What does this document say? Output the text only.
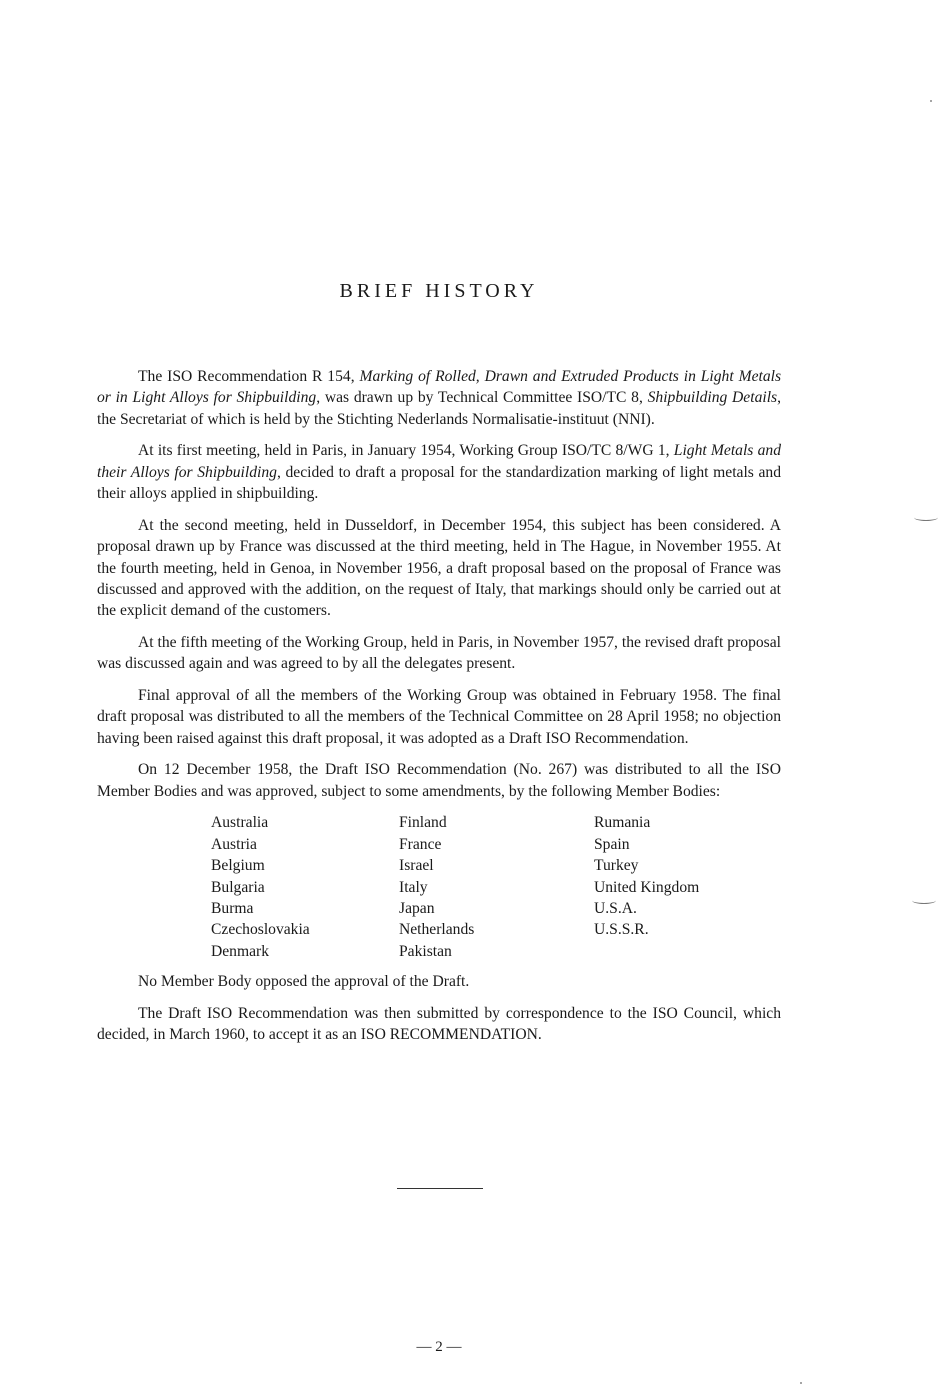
BRIEF HISTORY

The ISO Recommendation R 154, Marking of Rolled, Drawn and Extruded Products in Light Metals or in Light Alloys for Shipbuilding, was drawn up by Technical Committee ISO/TC 8, Shipbuilding Details, the Secretariat of which is held by the Stichting Nederlands Normalisatie-instituut (NNI).

At its first meeting, held in Paris, in January 1954, Working Group ISO/TC 8/WG 1, Light Metals and their Alloys for Shipbuilding, decided to draft a proposal for the standardization marking of light metals and their alloys applied in shipbuilding.

At the second meeting, held in Dusseldorf, in December 1954, this subject has been considered. A proposal drawn up by France was discussed at the third meeting, held in The Hague, in November 1955. At the fourth meeting, held in Genoa, in November 1956, a draft proposal based on the proposal of France was discussed and approved with the addition, on the request of Italy, that markings should only be carried out at the explicit demand of the customers.

At the fifth meeting of the Working Group, held in Paris, in November 1957, the revised draft proposal was discussed again and was agreed to by all the delegates present.

Final approval of all the members of the Working Group was obtained in February 1958. The final draft proposal was distributed to all the members of the Technical Committee on 28 April 1958; no objection having been raised against this draft proposal, it was adopted as a Draft ISO Recommendation.

On 12 December 1958, the Draft ISO Recommendation (No. 267) was distributed to all the ISO Member Bodies and was approved, subject to some amendments, by the following Member Bodies:

Australia
Austria
Belgium
Bulgaria
Burma
Czechoslovakia
Denmark
Finland
France
Israel
Italy
Japan
Netherlands
Pakistan
Rumania
Spain
Turkey
United Kingdom
U.S.A.
U.S.S.R.

No Member Body opposed the approval of the Draft.

The Draft ISO Recommendation was then submitted by correspondence to the ISO Council, which decided, in March 1960, to accept it as an ISO RECOMMENDATION.

— 2 —
